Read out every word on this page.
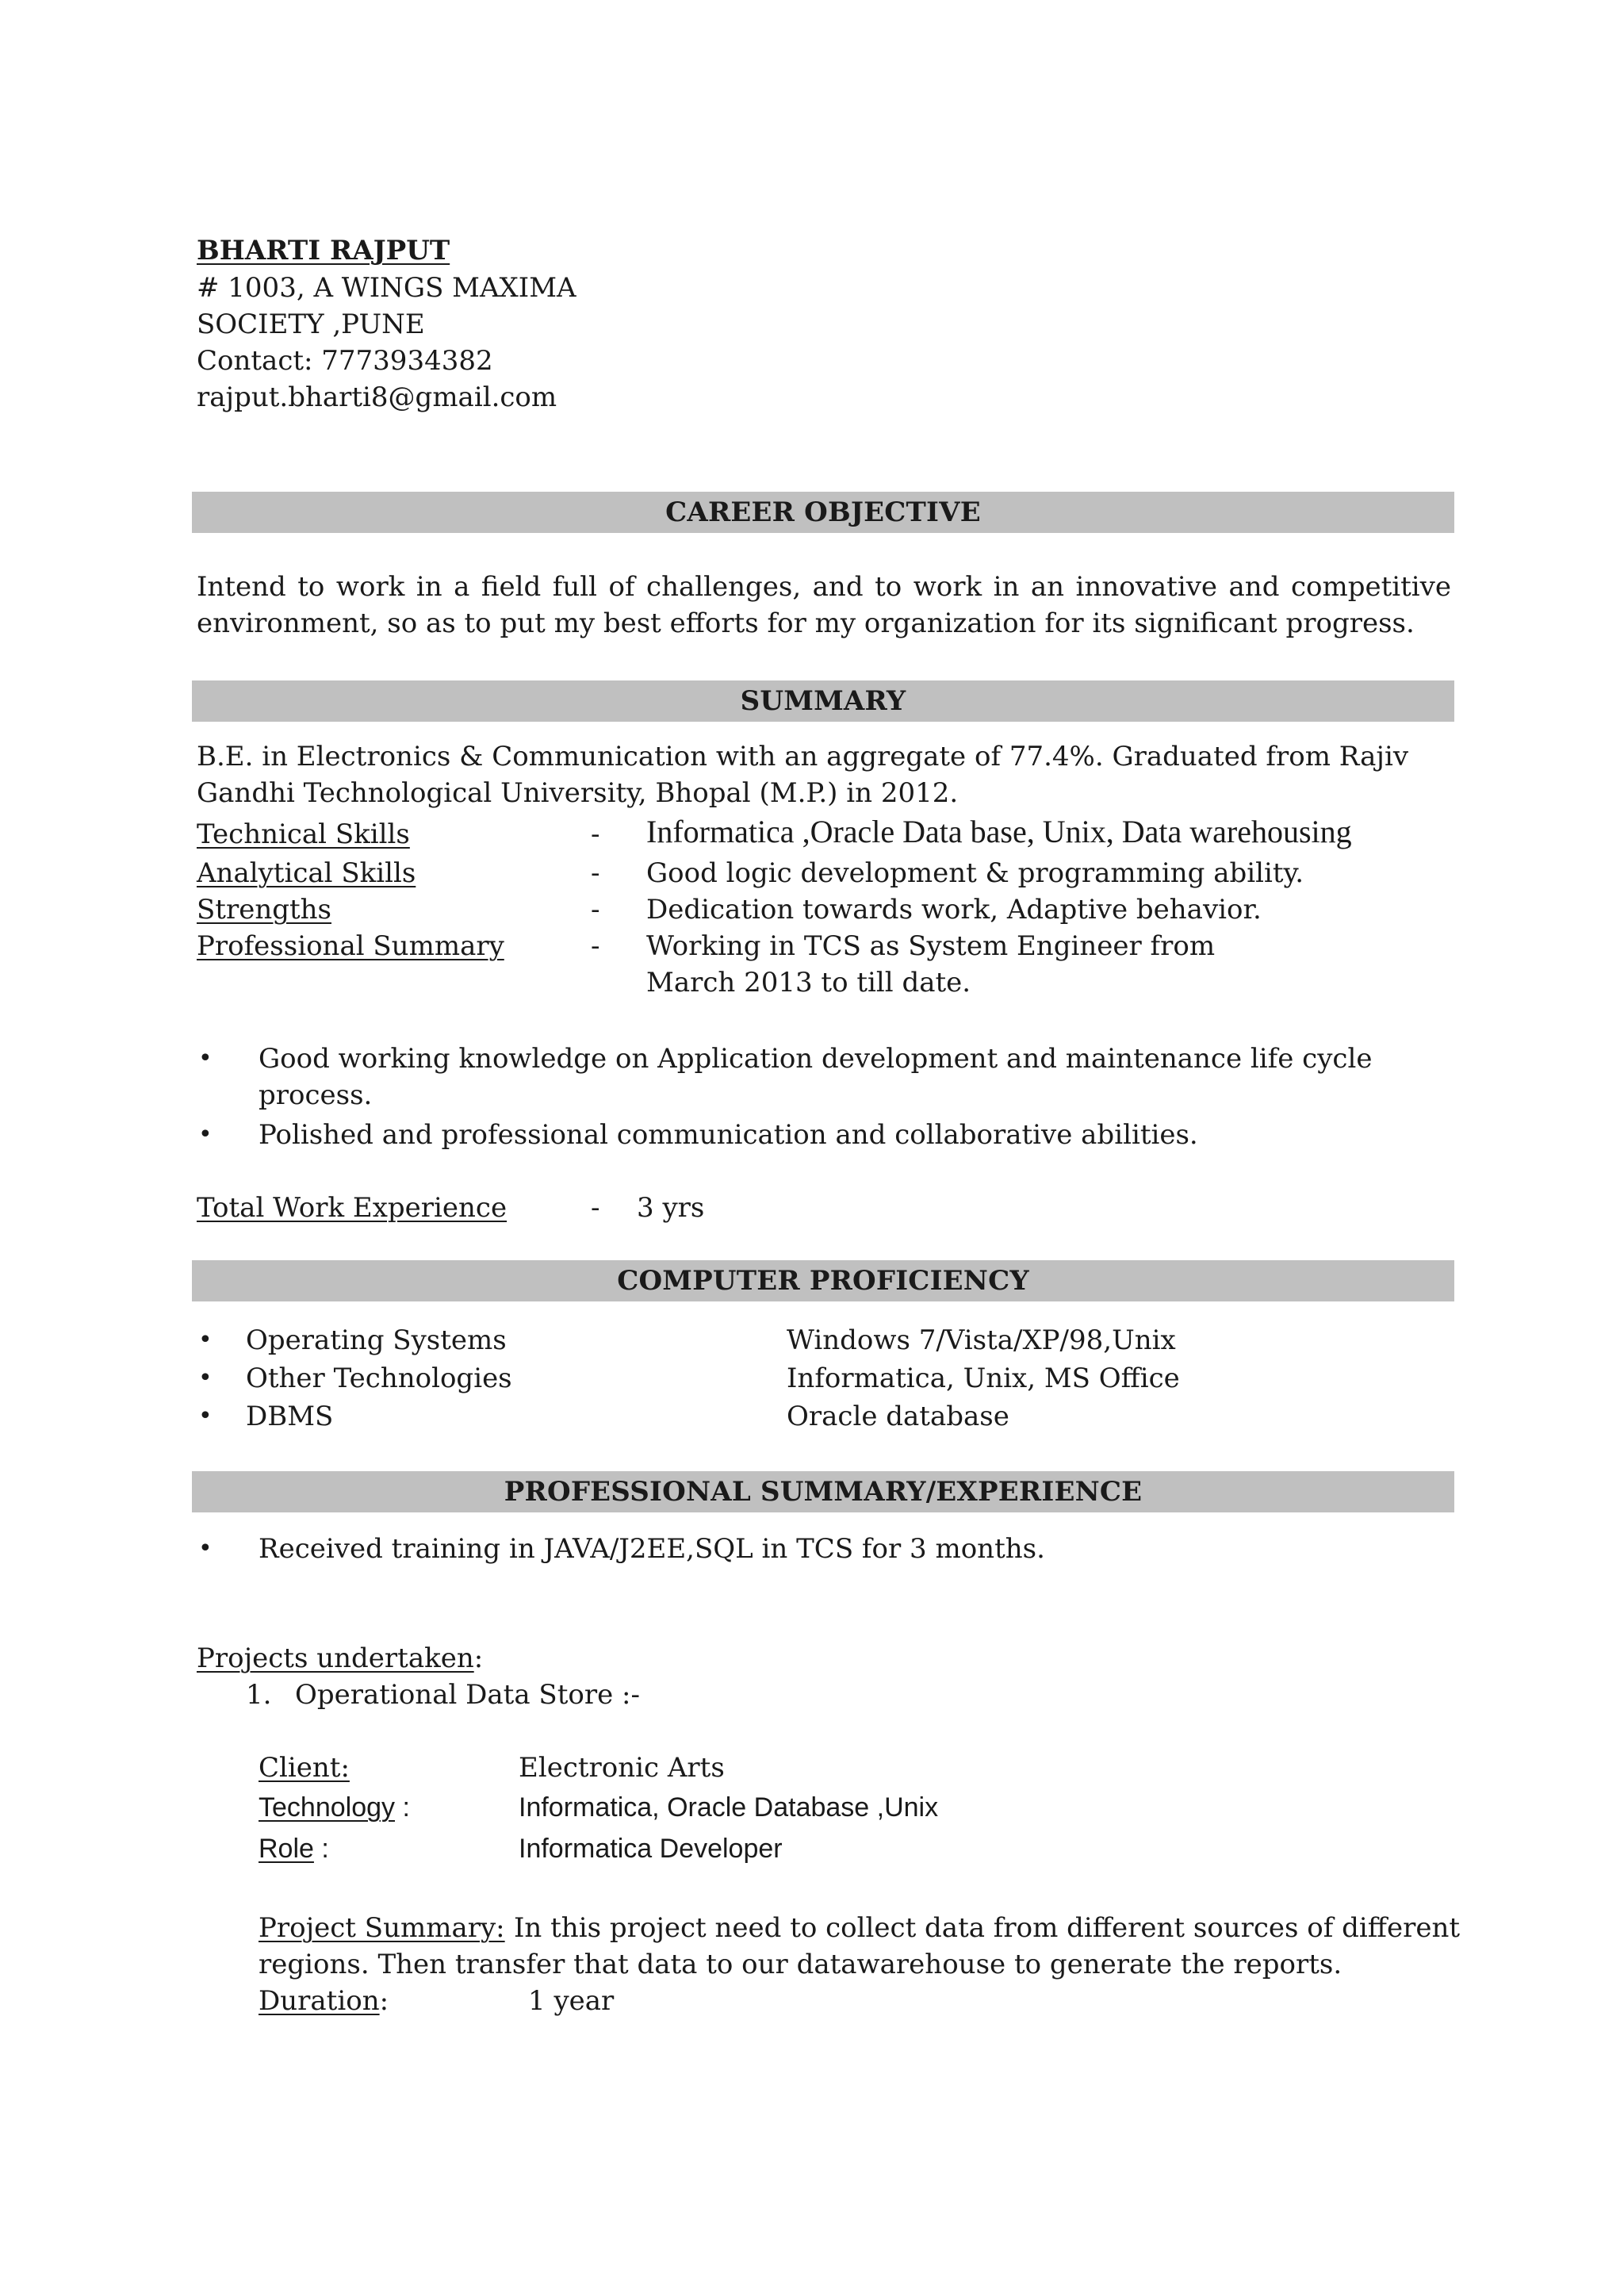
BHARTI RAJPUT
# 1003, A WINGS MAXIMA
SOCIETY ,PUNE
Contact: 7773934382
rajput.bharti8@gmail.com
CAREER OBJECTIVE
Intend to work in a field full of challenges, and to work in an innovative and competitive
environment, so as to put my best efforts for my organization for its significant progress.
SUMMARY
B.E. in Electronics & Communication with an aggregate of 77.4%. Graduated from Rajiv
Gandhi Technological University, Bhopal (M.P.) in 2012.
Technical Skills	- Informatica ,Oracle Data base, Unix, Data warehousing
Analytical Skills	- Good logic development & programming ability.
Strengths	- Dedication towards work, Adaptive behavior.
Professional Summary	- Working in TCS as System Engineer from
March 2013 to till date.
• Good working knowledge on Application development and maintenance life cycle
process.
• Polished and professional communication and collaborative abilities.
Total Work Experience	- 3 yrs
COMPUTER PROFICIENCY
• Operating Systems	Windows 7/Vista/XP/98,Unix
• Other Technologies	Informatica, Unix, MS Office
• DBMS	Oracle database
PROFESSIONAL SUMMARY/EXPERIENCE
• Received training in JAVA/J2EE,SQL in TCS for 3 months.
Projects undertaken:
1. Operational Data Store :-
Client:	Electronic Arts
Technology :	Informatica, Oracle Database ,Unix
Role :	Informatica Developer
Project Summary: In this project need to collect data from different sources of different
regions. Then transfer that data to our datawarehouse to generate the reports.
Duration:	1 year
